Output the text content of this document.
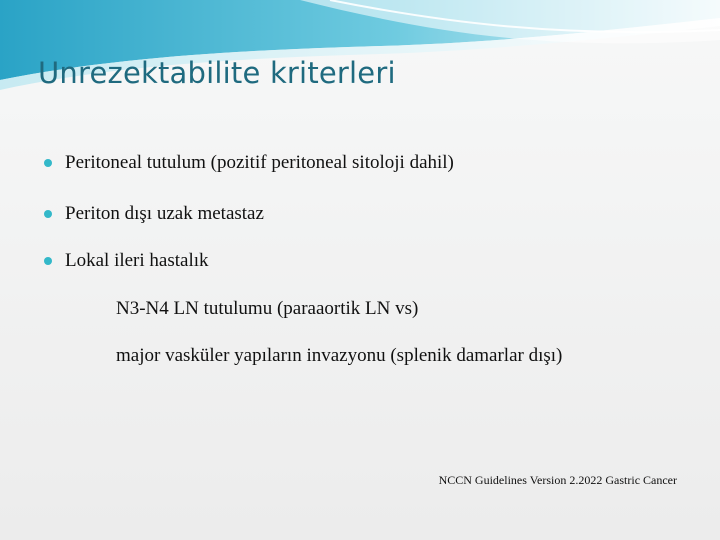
Unrezektabilite kriterleri
Peritoneal tutulum (pozitif peritoneal sitoloji dahil)
Periton dışı uzak metastaz
Lokal ileri hastalık
N3-N4 LN tutulumu (paraaortik LN vs)
major vasküler yapıların invazyonu (splenik damarlar dışı)
NCCN Guidelines Version 2.2022 Gastric Cancer
